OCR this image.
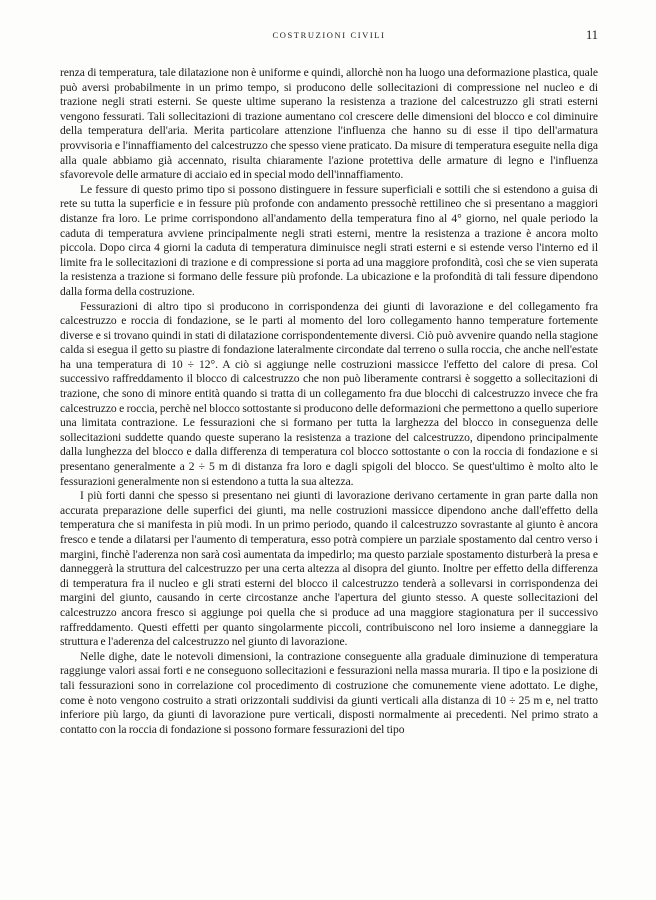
COSTRUZIONI CIVILI	11

renza di temperatura, tale dilatazione non è uniforme e quindi, allorchè non ha luogo una deformazione plastica, quale può aversi probabilmente in un primo tempo, si producono delle sollecitazioni di compressione nel nucleo e di trazione negli strati esterni. Se queste ultime superano la resistenza a trazione del calcestruzzo gli strati esterni vengono fessurati. Tali sollecitazioni di trazione aumentano col crescere delle dimensioni del blocco e col diminuire della temperatura dell'aria. Merita particolare attenzione l'influenza che hanno su di esse il tipo dell'armatura provvisoria e l'innaffiamento del calcestruzzo che spesso viene praticato. Da misure di temperatura eseguite nella diga alla quale abbiamo già accennato, risulta chiaramente l'azione protettiva delle armature di legno e l'influenza sfavorevole delle armature di acciaio ed in special modo dell'innaffiamento.

Le fessure di questo primo tipo si possono distinguere in fessure superficiali e sottili che si estendono a guisa di rete su tutta la superficie e in fessure più profonde con andamento pressochè rettilineo che si presentano a maggiori distanze fra loro. Le prime corrispondono all'andamento della temperatura fino al 4° giorno, nel quale periodo la caduta di temperatura avviene principalmente negli strati esterni, mentre la resistenza a trazione è ancora molto piccola. Dopo circa 4 giorni la caduta di temperatura diminuisce negli strati esterni e si estende verso l'interno ed il limite fra le sollecitazioni di trazione e di compressione si porta ad una maggiore profondità, così che se vien superata la resistenza a trazione si formano delle fessure più profonde. La ubicazione e la profondità di tali fessure dipendono dalla forma della costruzione.

Fessurazioni di altro tipo si producono in corrispondenza dei giunti di lavorazione e del collegamento fra calcestruzzo e roccia di fondazione, se le parti al momento del loro collegamento hanno temperature fortemente diverse e si trovano quindi in stati di dilatazione corrispondentemente diversi. Ciò può avvenire quando nella stagione calda si esegua il getto su piastre di fondazione lateralmente circondate dal terreno o sulla roccia, che anche nell'estate ha una temperatura di 10 ÷ 12°. A ciò si aggiunge nelle costruzioni massicce l'effetto del calore di presa. Col successivo raffreddamento il blocco di calcestruzzo che non può liberamente contrarsi è soggetto a sollecitazioni di trazione, che sono di minore entità quando si tratta di un collegamento fra due blocchi di calcestruzzo invece che fra calcestruzzo e roccia, perchè nel blocco sottostante si producono delle deformazioni che permettono a quello superiore una limitata contrazione. Le fessurazioni che si formano per tutta la larghezza del blocco in conseguenza delle sollecitazioni suddette quando queste superano la resistenza a trazione del calcestruzzo, dipendono principalmente dalla lunghezza del blocco e dalla differenza di temperatura col blocco sottostante o con la roccia di fondazione e si presentano generalmente a 2 ÷ 5 m di distanza fra loro e dagli spigoli del blocco. Se quest'ultimo è molto alto le fessurazioni generalmente non si estendono a tutta la sua altezza.

I più forti danni che spesso si presentano nei giunti di lavorazione derivano certamente in gran parte dalla non accurata preparazione delle superfici dei giunti, ma nelle costruzioni massicce dipendono anche dall'effetto della temperatura che si manifesta in più modi. In un primo periodo, quando il calcestruzzo sovrastante al giunto è ancora fresco e tende a dilatarsi per l'aumento di temperatura, esso potrà compiere un parziale spostamento dal centro verso i margini, finchè l'aderenza non sarà così aumentata da impedirlo; ma questo parziale spostamento disturberà la presa e danneggerà la struttura del calcestruzzo per una certa altezza al disopra del giunto. Inoltre per effetto della differenza di temperatura fra il nucleo e gli strati esterni del blocco il calcestruzzo tenderà a sollevarsi in corrispondenza dei margini del giunto, causando in certe circostanze anche l'apertura del giunto stesso. A queste sollecitazioni del calcestruzzo ancora fresco si aggiunge poi quella che si produce ad una maggiore stagionatura per il successivo raffreddamento. Questi effetti per quanto singolarmente piccoli, contribuiscono nel loro insieme a danneggiare la struttura e l'aderenza del calcestruzzo nel giunto di lavorazione.

Nelle dighe, date le notevoli dimensioni, la contrazione conseguente alla graduale diminuzione di temperatura raggiunge valori assai forti e ne conseguono sollecitazioni e fessurazioni nella massa muraria. Il tipo e la posizione di tali fessurazioni sono in correlazione col procedimento di costruzione che comunemente viene adottato. Le dighe, come è noto vengono costruito a strati orizzontali suddivisi da giunti verticali alla distanza di 10 ÷ 25 m e, nel tratto inferiore più largo, da giunti di lavorazione pure verticali, disposti normalmente ai precedenti. Nel primo strato a contatto con la roccia di fondazione si possono formare fessurazioni del tipo
